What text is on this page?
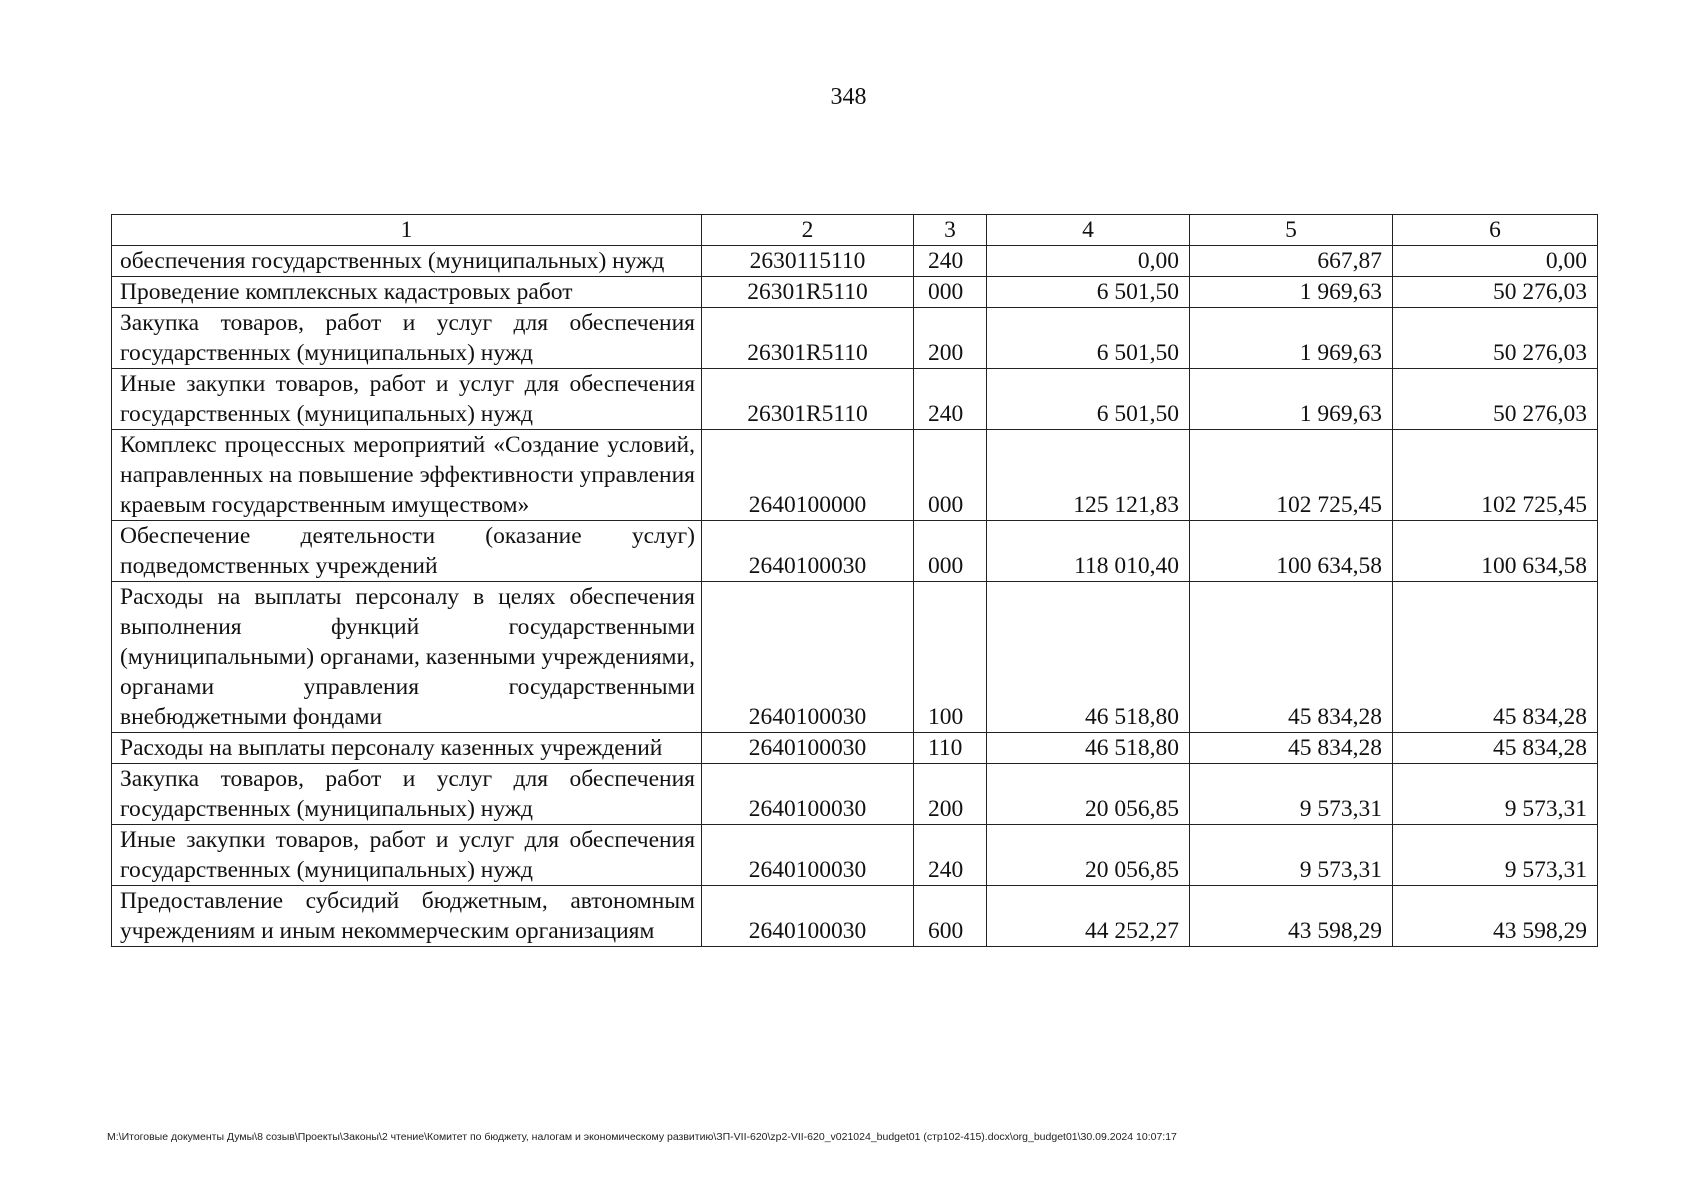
348
1	2	3	4	5	6
обеспечения государственных (муниципальных) нужд	2630115110	240	0,00	667,87	0,00
Проведение комплексных кадастровых работ	26301R5110	000	6 501,50	1 969,63	50 276,03
Закупка товаров, работ и услуг для обеспечения государственных (муниципальных) нужд	26301R5110	200	6 501,50	1 969,63	50 276,03
Иные закупки товаров, работ и услуг для обеспечения государственных (муниципальных) нужд	26301R5110	240	6 501,50	1 969,63	50 276,03
Комплекс процессных мероприятий «Создание условий, направленных на повышение эффективности управления краевым государственным имуществом»	2640100000	000	125 121,83	102 725,45	102 725,45
Обеспечение деятельности (оказание услуг) подведомственных учреждений	2640100030	000	118 010,40	100 634,58	100 634,58
Расходы на выплаты персоналу в целях обеспечения выполнения функций государственными (муниципальными) органами, казенными учреждениями, органами управления государственными внебюджетными фондами	2640100030	100	46 518,80	45 834,28	45 834,28
Расходы на выплаты персоналу казенных учреждений	2640100030	110	46 518,80	45 834,28	45 834,28
Закупка товаров, работ и услуг для обеспечения государственных (муниципальных) нужд	2640100030	200	20 056,85	9 573,31	9 573,31
Иные закупки товаров, работ и услуг для обеспечения государственных (муниципальных) нужд	2640100030	240	20 056,85	9 573,31	9 573,31
Предоставление субсидий бюджетным, автономным учреждениям и иным некоммерческим организациям	2640100030	600	44 252,27	43 598,29	43 598,29
M:\Итоговые документы Думы\8 созыв\Проекты\Законы\2 чтение\Комитет по бюджету, налогам и экономическому развитию\ЗП-VII-620\zp2-VII-620_v021024_budget01 (стр102-415).docx\org_budget01\30.09.2024 10:07:17
